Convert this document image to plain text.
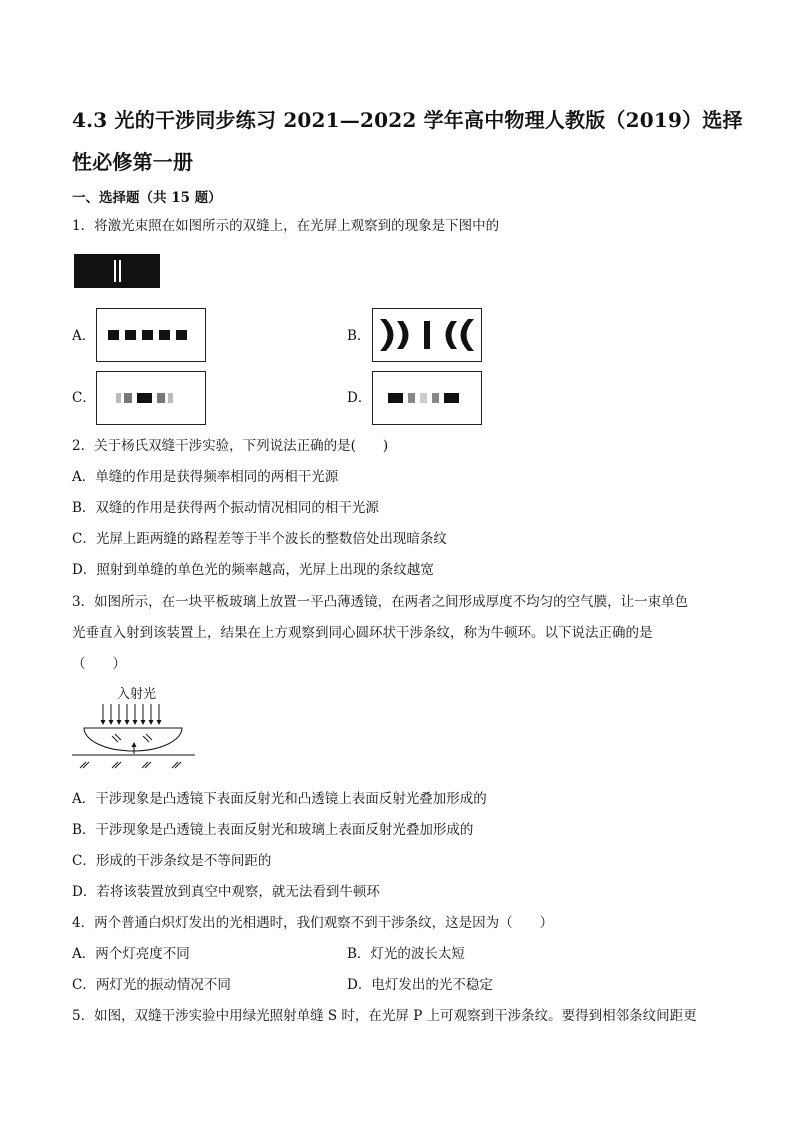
4.3 光的干涉同步练习 2021—2022 学年高中物理人教版（2019）选择
性必修第一册
一、选择题（共 15 题）
1．将激光束照在如图所示的双缝上，在光屏上观察到的现象是下图中的
A．	B．
C．	D．
2．关于杨氏双缝干涉实验，下列说法正确的是(　　)
A．单缝的作用是获得频率相同的两相干光源
B．双缝的作用是获得两个振动情况相同的相干光源
C．光屏上距两缝的路程差等于半个波长的整数倍处出现暗条纹
D．照射到单缝的单色光的频率越高，光屏上出现的条纹越宽
3．如图所示，在一块平板玻璃上放置一平凸薄透镜，在两者之间形成厚度不均匀的空气膜，让一束单色
光垂直入射到该装置上，结果在上方观察到同心圆环状干涉条纹，称为牛顿环。以下说法正确的是
（　　）
入射光
A．干涉现象是凸透镜下表面反射光和凸透镜上表面反射光叠加形成的
B．干涉现象是凸透镜上表面反射光和玻璃上表面反射光叠加形成的
C．形成的干涉条纹是不等间距的
D．若将该装置放到真空中观察，就无法看到牛顿环
4．两个普通白炽灯发出的光相遇时，我们观察不到干涉条纹，这是因为（　　）
A．两个灯亮度不同	B．灯光的波长太短
C．两灯光的振动情况不同	D．电灯发出的光不稳定
5．如图，双缝干涉实验中用绿光照射单缝 S 时，在光屏 P 上可观察到干涉条纹。要得到相邻条纹间距更
